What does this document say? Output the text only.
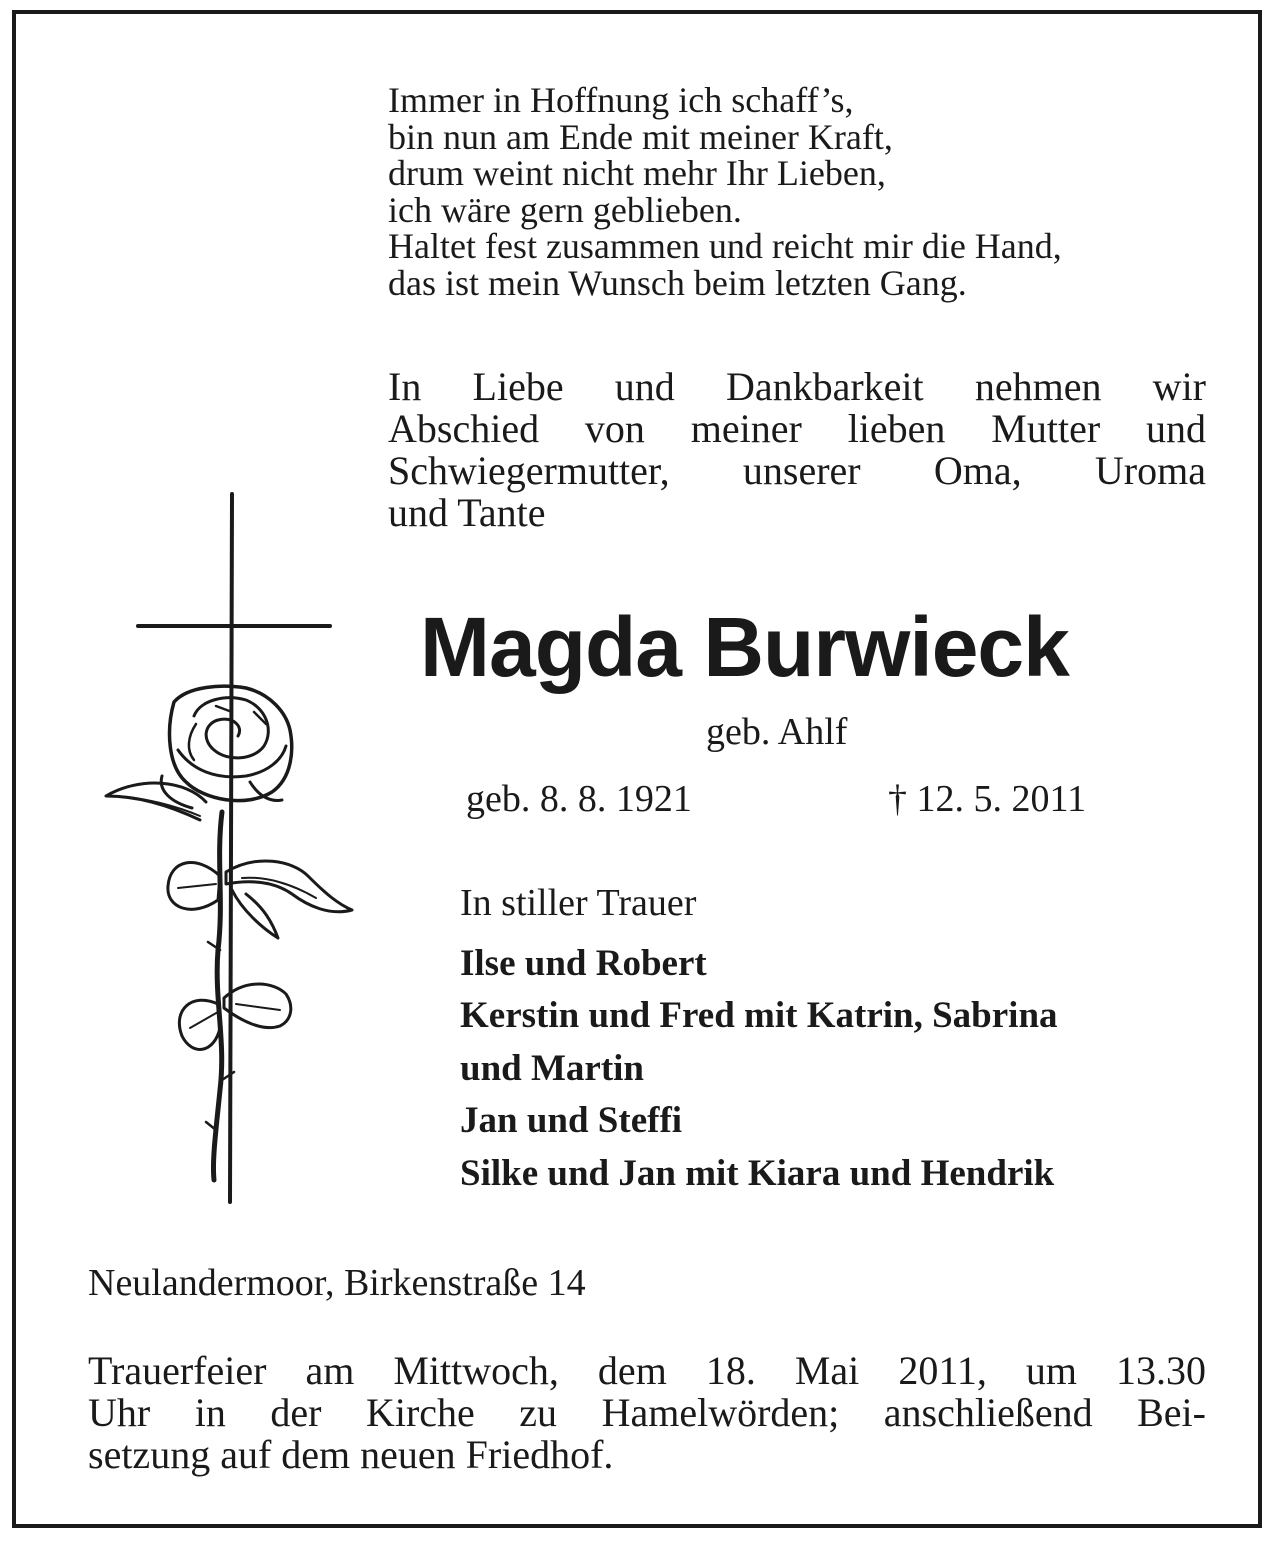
Immer in Hoffnung ich schaff’s,
bin nun am Ende mit meiner Kraft,
drum weint nicht mehr Ihr Lieben,
ich wäre gern geblieben.
Haltet fest zusammen und reicht mir die Hand,
das ist mein Wunsch beim letzten Gang.
In Liebe und Dankbarkeit nehmen wir
Abschied von meiner lieben Mutter und
Schwiegermutter, unserer Oma, Uroma
und Tante
Magda Burwieck
geb. Ahlf
geb. 8. 8. 1921	† 12. 5. 2011
In stiller Trauer
Ilse und Robert
Kerstin und Fred mit Katrin, Sabrina
und Martin
Jan und Steffi
Silke und Jan mit Kiara und Hendrik
Neulandermoor, Birkenstraße 14
Trauerfeier am Mittwoch, dem 18. Mai 2011, um 13.30
Uhr in der Kirche zu Hamelwörden; anschließend Bei-
setzung auf dem neuen Friedhof.
